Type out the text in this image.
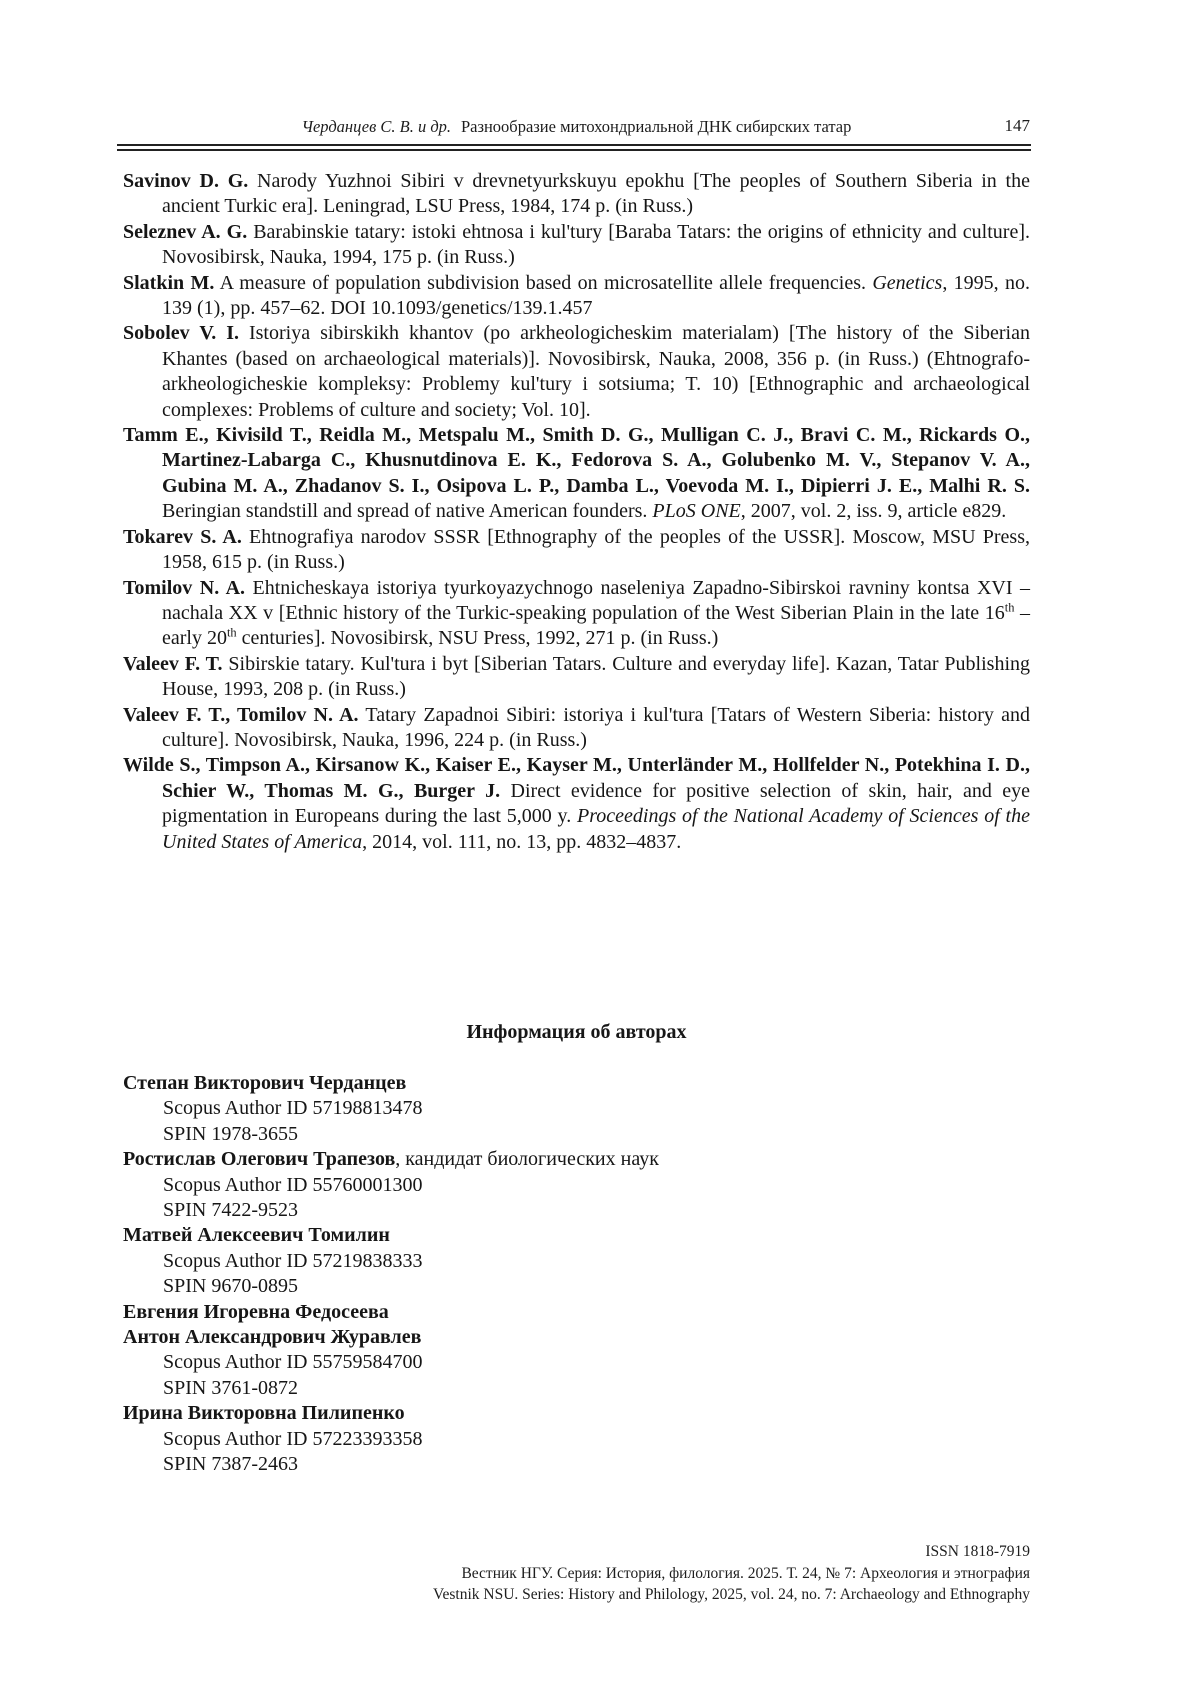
Черданцев С. В. и др. Разнообразие митохондриальной ДНК сибирских татар	147

Savinov D. G. Narody Yuzhnoi Sibiri v drevnetyurkskuyu epokhu [The peoples of Southern Siberia in the ancient Turkic era]. Leningrad, LSU Press, 1984, 174 p. (in Russ.)

Seleznev A. G. Barabinskie tatary: istoki ehtnosa i kul'tury [Baraba Tatars: the origins of ethnicity and culture]. Novosibirsk, Nauka, 1994, 175 p. (in Russ.)

Slatkin M. A measure of population subdivision based on microsatellite allele frequencies. Genetics, 1995, no. 139 (1), pp. 457–62. DOI 10.1093/genetics/139.1.457

Sobolev V. I. Istoriya sibirskikh khantov (po arkheologicheskim materialam) [The history of the Siberian Khantes (based on archaeological materials)]. Novosibirsk, Nauka, 2008, 356 p. (in Russ.) (Ehtnografo-arkheologicheskie kompleksy: Problemy kul'tury i sotsiuma; T. 10) [Ethnographic and archaeological complexes: Problems of culture and society; Vol. 10].

Tamm E., Kivisild T., Reidla M., Metspalu M., Smith D. G., Mulligan C. J., Bravi C. M., Rickards O., Martinez-Labarga C., Khusnutdinova E. K., Fedorova S. A., Golubenko M. V., Stepanov V. A., Gubina M. A., Zhadanov S. I., Osipova L. P., Damba L., Voevoda M. I., Dipierri J. E., Malhi R. S. Beringian standstill and spread of native American founders. PLoS ONE, 2007, vol. 2, iss. 9, article e829.

Tokarev S. A. Ehtnografiya narodov SSSR [Ethnography of the peoples of the USSR]. Moscow, MSU Press, 1958, 615 p. (in Russ.)

Tomilov N. A. Ehtnicheskaya istoriya tyurkoyazychnogo naseleniya Zapadno-Sibirskoi ravniny kontsa XVI – nachala XX v [Ethnic history of the Turkic-speaking population of the West Siberian Plain in the late 16th – early 20th centuries]. Novosibirsk, NSU Press, 1992, 271 p. (in Russ.)

Valeev F. T. Sibirskie tatary. Kul'tura i byt [Siberian Tatars. Culture and everyday life]. Kazan, Tatar Publishing House, 1993, 208 p. (in Russ.)

Valeev F. T., Tomilov N. A. Tatary Zapadnoi Sibiri: istoriya i kul'tura [Tatars of Western Siberia: history and culture]. Novosibirsk, Nauka, 1996, 224 p. (in Russ.)

Wilde S., Timpson A., Kirsanow K., Kaiser E., Kayser M., Unterländer M., Hollfelder N., Potekhina I. D., Schier W., Thomas M. G., Burger J. Direct evidence for positive selection of skin, hair, and eye pigmentation in Europeans during the last 5,000 y. Proceedings of the National Academy of Sciences of the United States of America, 2014, vol. 111, no. 13, pp. 4832–4837.

Информация об авторах

Степан Викторович Черданцев

Scopus Author ID 57198813478

SPIN 1978-3655

Ростислав Олегович Трапезов, кандидат биологических наук

Scopus Author ID 55760001300

SPIN 7422-9523

Матвей Алексеевич Томилин

Scopus Author ID 57219838333

SPIN 9670-0895

Евгения Игоревна Федосеева

Антон Александрович Журавлев

Scopus Author ID 55759584700

SPIN 3761-0872

Ирина Викторовна Пилипенко

Scopus Author ID 57223393358

SPIN 7387-2463

ISSN 1818-7919
Вестник НГУ. Серия: История, филология. 2025. Т. 24, № 7: Археология и этнография
Vestnik NSU. Series: History and Philology, 2025, vol. 24, no. 7: Archaeology and Ethnography
